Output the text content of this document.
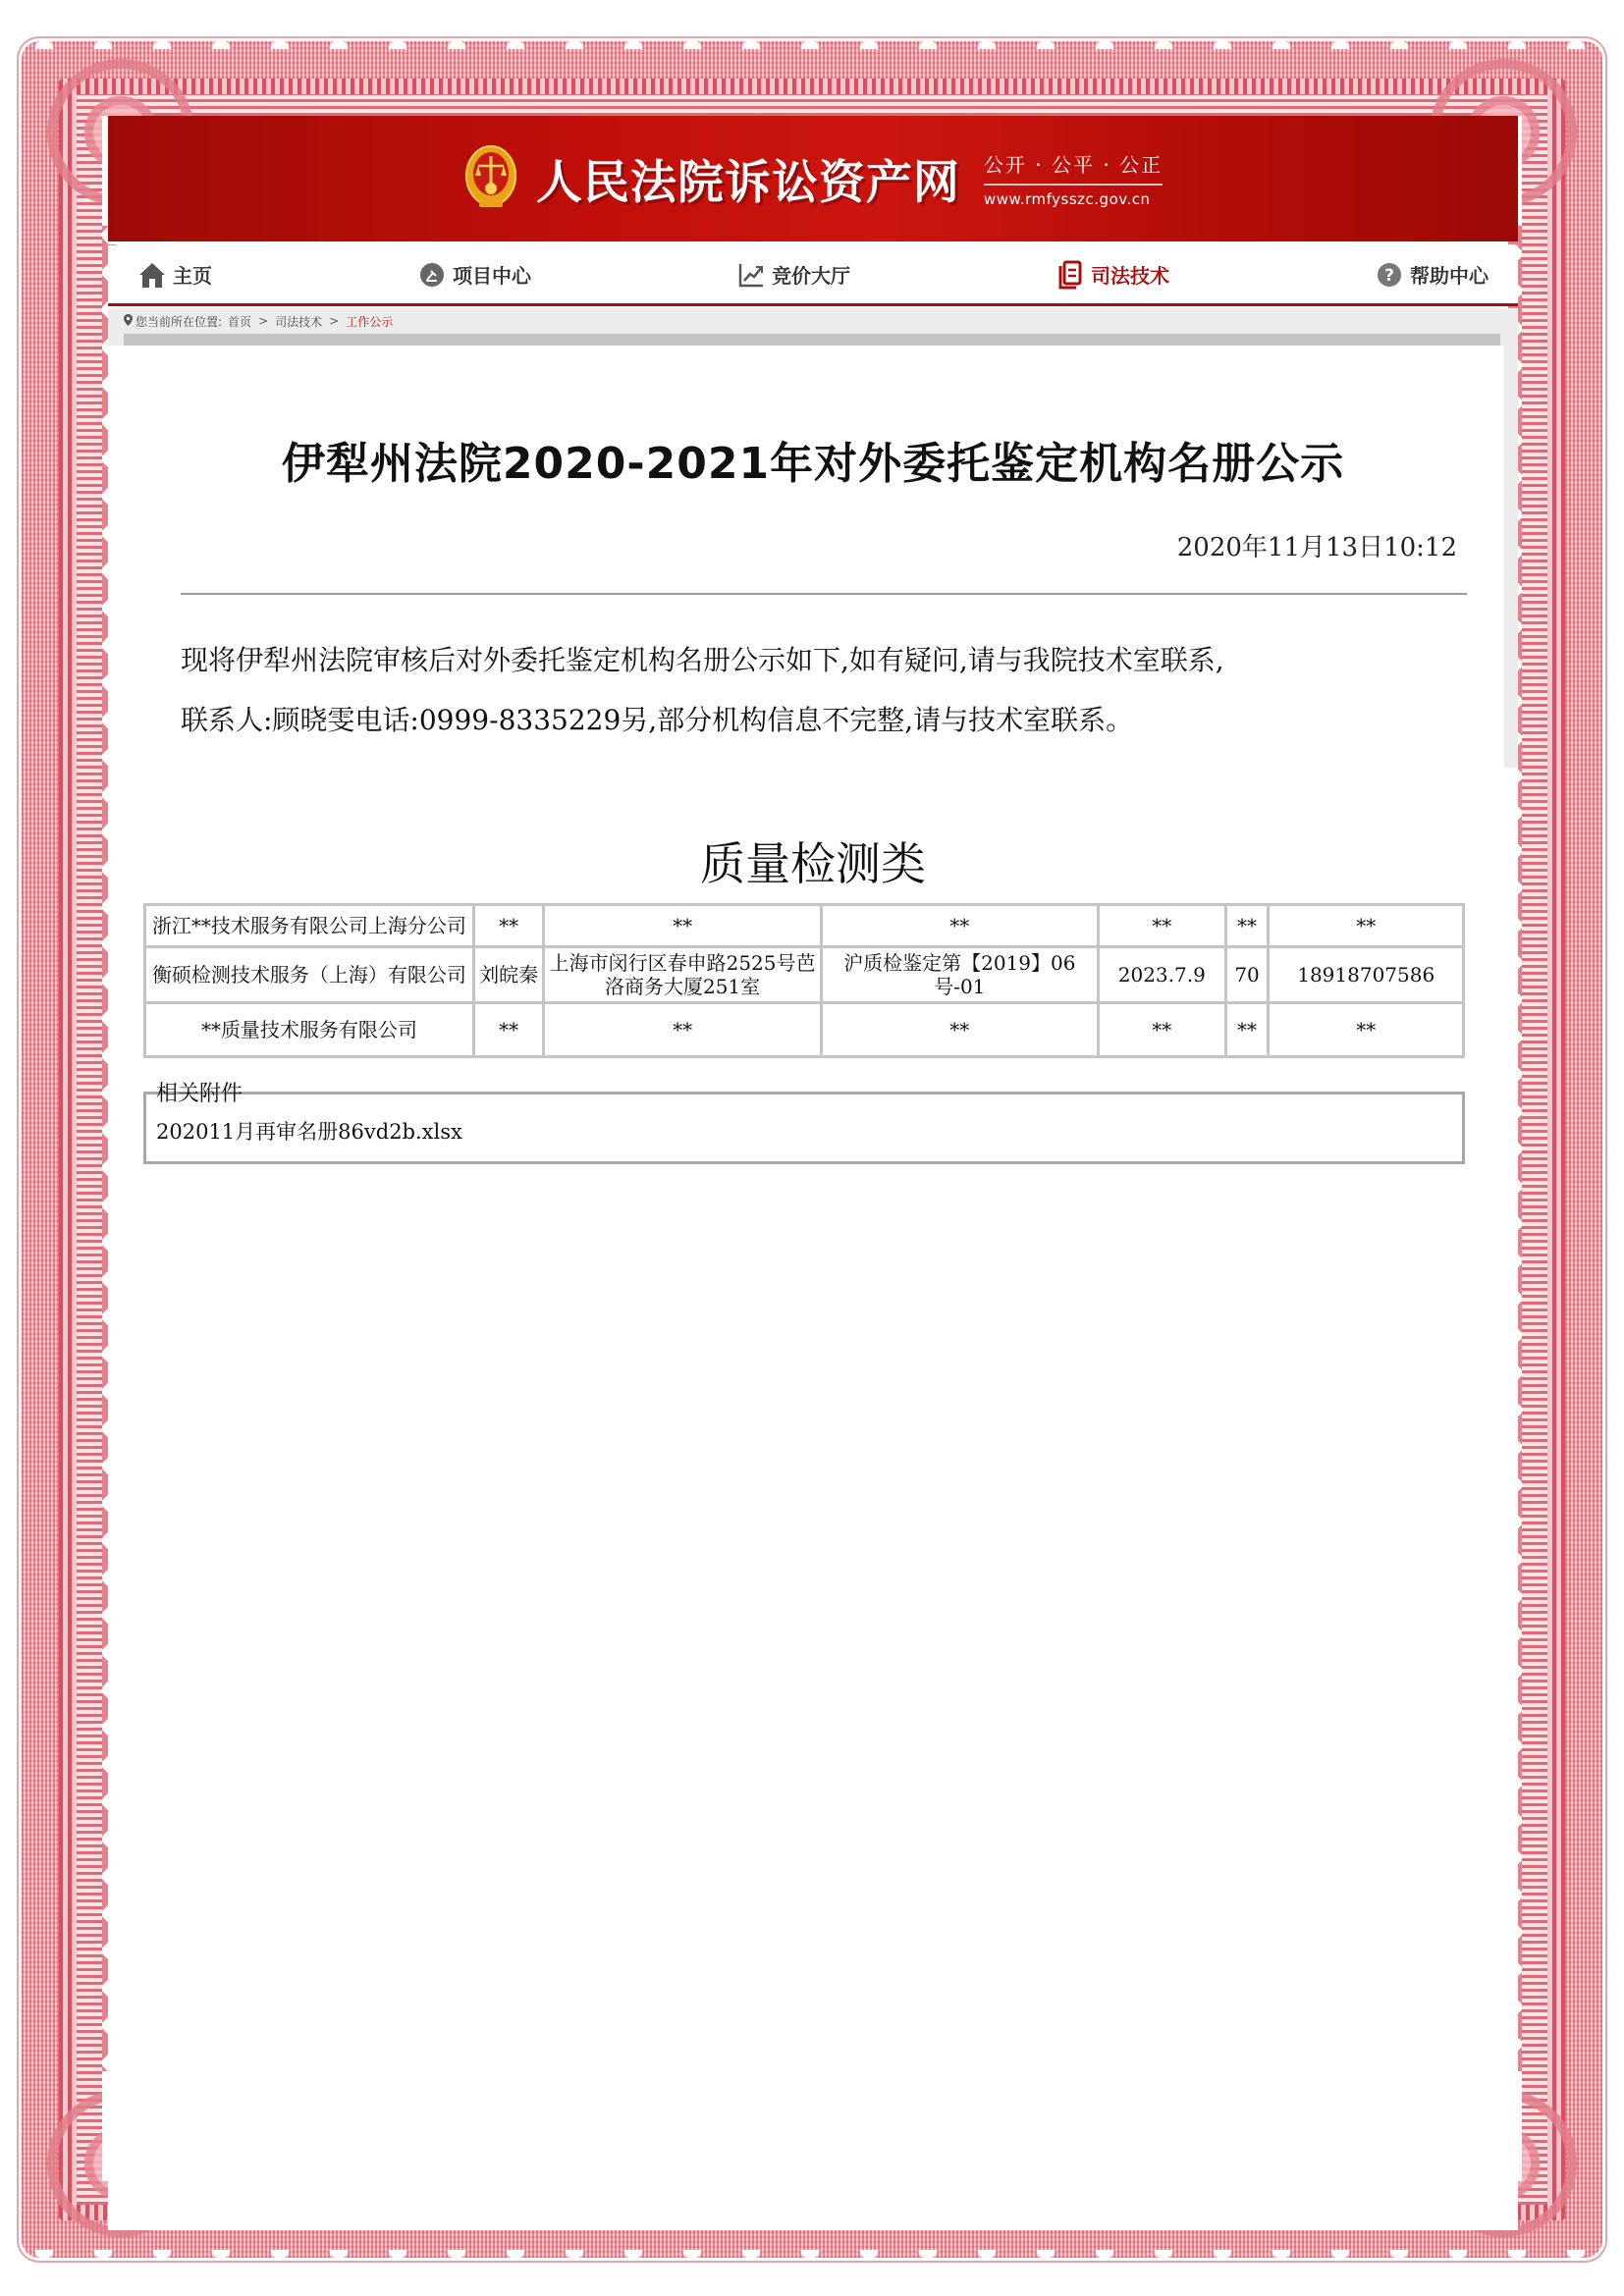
人民法院诉讼资产网 公开 · 公平 · 公正
www.rmfysszc.gov.cn
主页	项目中心	竞价大厅	司法技术	? 帮助中心
您当前所在位置: 首页 > 司法技术 > 工作公示
伊犁州法院2020-2021年对外委托鉴定机构名册公示
2020年11月13日10:12
现将伊犁州法院审核后对外委托鉴定机构名册公示如下,如有疑问,请与我院技术室联系,
联系人:顾晓雯电话:0999-8335229另,部分机构信息不完整,请与技术室联系。
质量检测类
浙江**技术服务有限公司上海分公司	**	**	**	**	**	**
衡硕检测技术服务（上海）有限公司	刘皖秦	上海市闵行区春申路2525号芭洛商务大厦251室	沪质检鉴定第【2019】06号-01	2023.7.9	70	18918707586
**质量技术服务有限公司	**	**	**	**	**	**
相关附件
202011月再审名册86vd2b.xlsx
